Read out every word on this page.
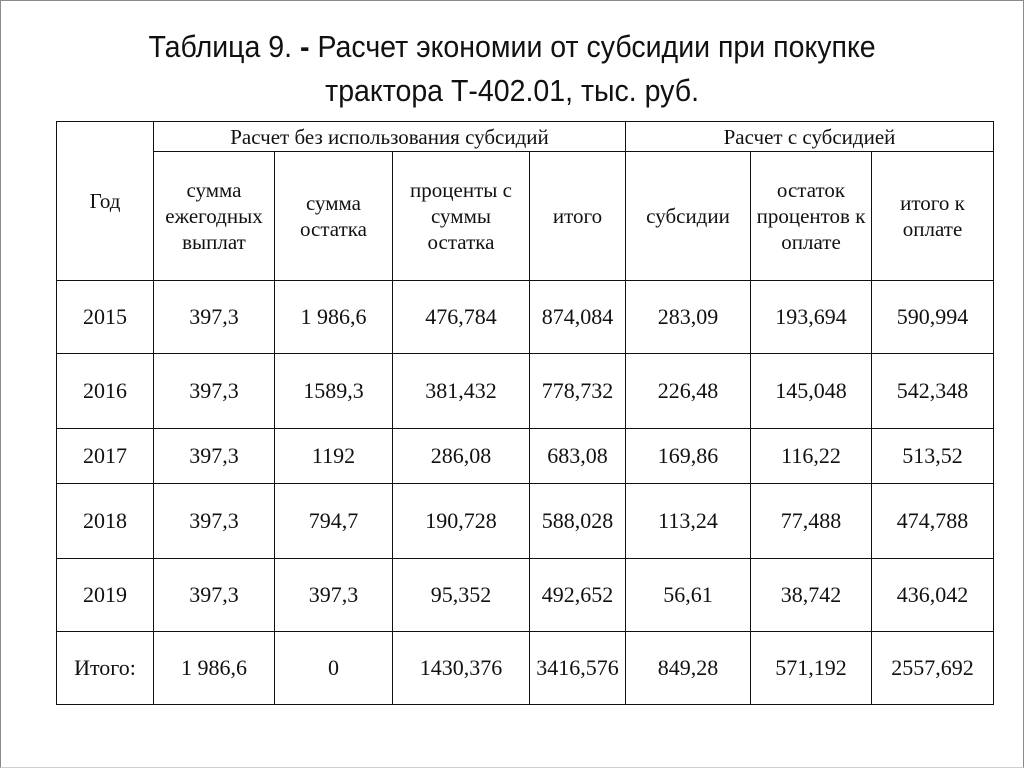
Таблица 9. - Расчет экономии от субсидии при покупке
трактора Т-402.01, тыс. руб.
Год	Расчет без использования субсидий				Расчет с субсидией		

	сумма ежегодных выплат	сумма остатка	проценты с суммы остатка	итого	субсидии	остаток процентов к оплате	итого к оплате
2015	397,3	1 986,6	476,784	874,084	283,09	193,694	590,994
2016	397,3	1589,3	381,432	778,732	226,48	145,048	542,348
2017	397,3	1192	286,08	683,08	169,86	116,22	513,52
2018	397,3	794,7	190,728	588,028	113,24	77,488	474,788
2019	397,3	397,3	95,352	492,652	56,61	38,742	436,042
Итого:	1 986,6	0	1430,376	3416,576	849,28	571,192	2557,692
